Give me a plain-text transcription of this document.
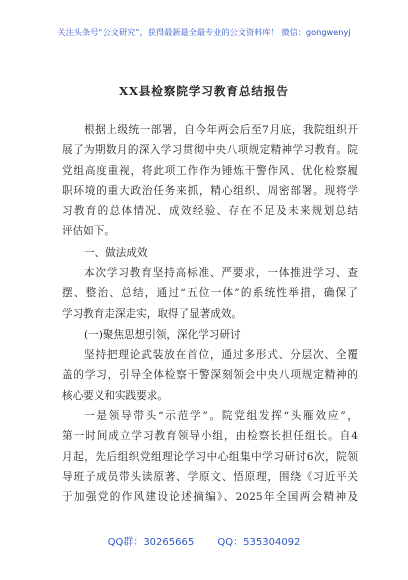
关注头条号“公文研究”，获得最新最全最专业的公文资料库！ 微信：gongwenyj
XX县检察院学习教育总结报告
根据上级统一部署，自今年两会后至7月底，我院组织开
展了为期数月的深入学习贯彻中央八项规定精神学习教育。院
党组高度重视，将此项工作作为锤炼干警作风、优化检察履
职环境的重大政治任务来抓，精心组织、周密部署。现将学
习教育的总体情况、成效经验、存在不足及未来规划总结
评估如下。
一、做法成效
本次学习教育坚持高标准、严要求，一体推进学习、查
摆、整治、总结，通过“五位一体”的系统性举措，确保了
学习教育走深走实，取得了显著成效。
(一)聚焦思想引领，深化学习研讨
坚持把理论武装放在首位，通过多形式、分层次、全覆
盖的学习，引导全体检察干警深刻领会中央八项规定精神的
核心要义和实践要求。
一是领导带头“示范学”。院党组发挥“头雁效应”，
第一时间成立学习教育领导小组，由检察长担任组长。自4
月起，先后组织党组理论学习中心组集中学习研讨6次，院领
导班子成员带头读原著、学原文、悟原理，围绕《习近平关
于加强党的作风建设论述摘编》、2025年全国两会精神及
QQ群：30265665 QQ：535304092
